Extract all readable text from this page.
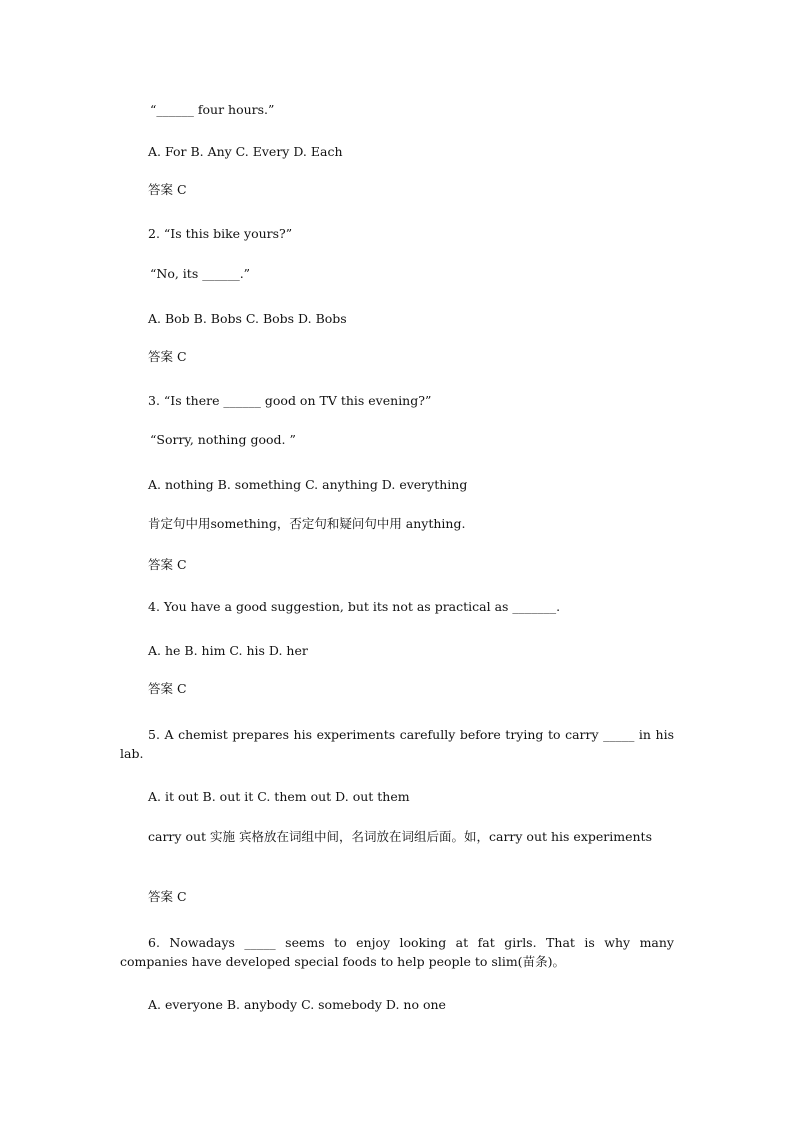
“______ four hours.”
A. For B. Any C. Every D. Each
答案 C
2. “Is this bike yours?”
“No, its ______.”
A. Bob B. Bobs C. Bobs D. Bobs
答案 C
3. “Is there ______ good on TV this evening?”
“Sorry, nothing good. ”
A. nothing B. something C. anything D. everything
肯定句中用something，否定句和疑问句中用 anything.
答案 C
4. You have a good suggestion, but its not as practical as _______.
A. he B. him C. his D. her
答案 C
5. A chemist prepares his experiments carefully before trying to carry _____ in his lab.
A. it out B. out it C. them out D. out them
carry out 实施 宾格放在词组中间，名词放在词组后面。如，carry out his experiments
答案 C
6. Nowadays _____ seems to enjoy looking at fat girls. That is why many companies have developed special foods to help people to slim(苗条)。
A. everyone B. anybody C. somebody D. no one
